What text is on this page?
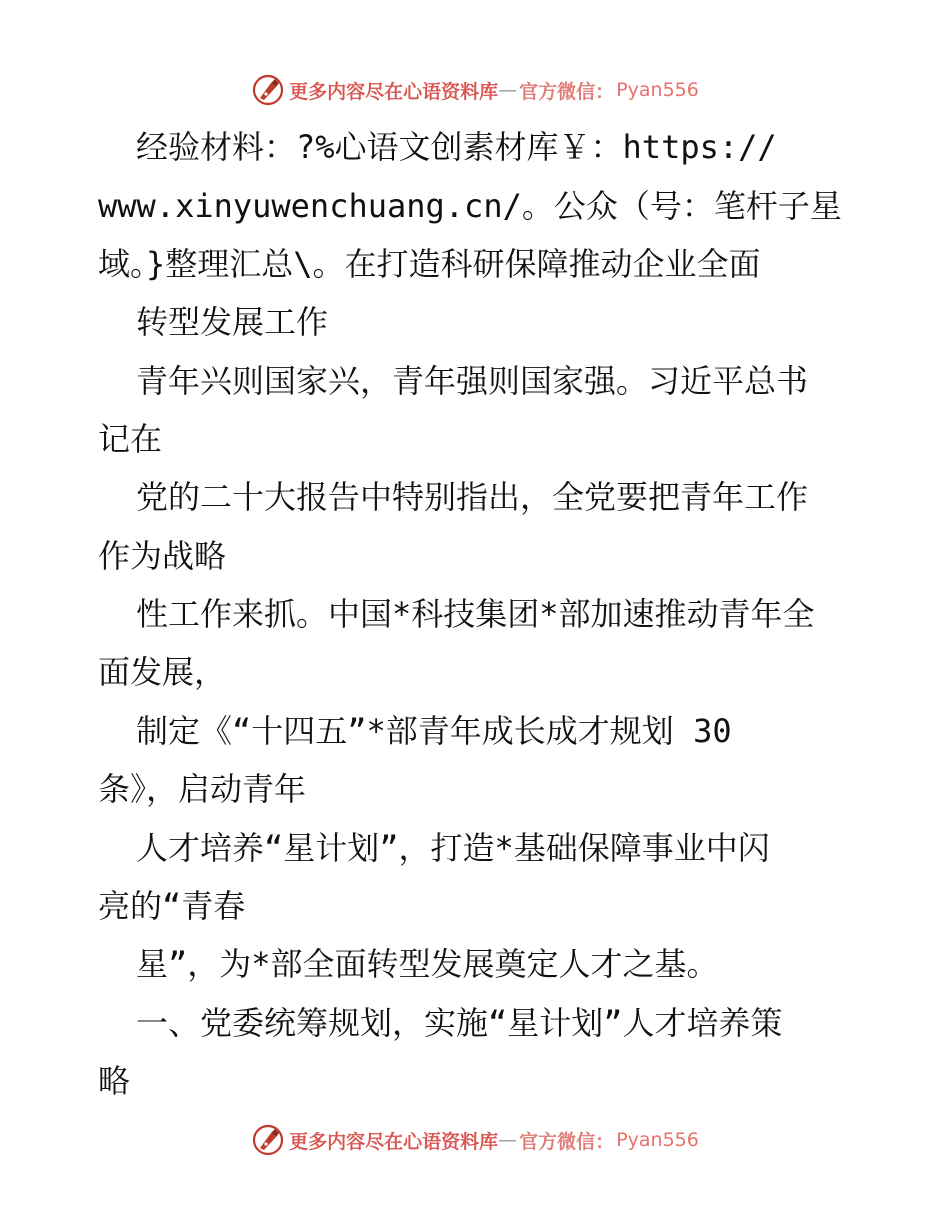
更多内容尽在心语资料库 — 官方微信： Pyan556
经验材料：?%心语文创素材库￥：https://
www.xinyuwenchuang.cn/。公众（号：笔杆子星
域。}整理汇总\。在打造科研保障推动企业全面
转型发展工作
青年兴则国家兴，青年强则国家强。习近平总书
记在
党的二十大报告中特别指出，全党要把青年工作
作为战略
性工作来抓。中国*科技集团*部加速推动青年全
面发展，
制定《“十四五”*部青年成长成才规划 30
条》，启动青年
人才培养“星计划”，打造*基础保障事业中闪
亮的“青春
星”，为*部全面转型发展奠定人才之基。
一、党委统筹规划，实施“星计划”人才培养策
略
更多内容尽在心语资料库 — 官方微信： Pyan556
